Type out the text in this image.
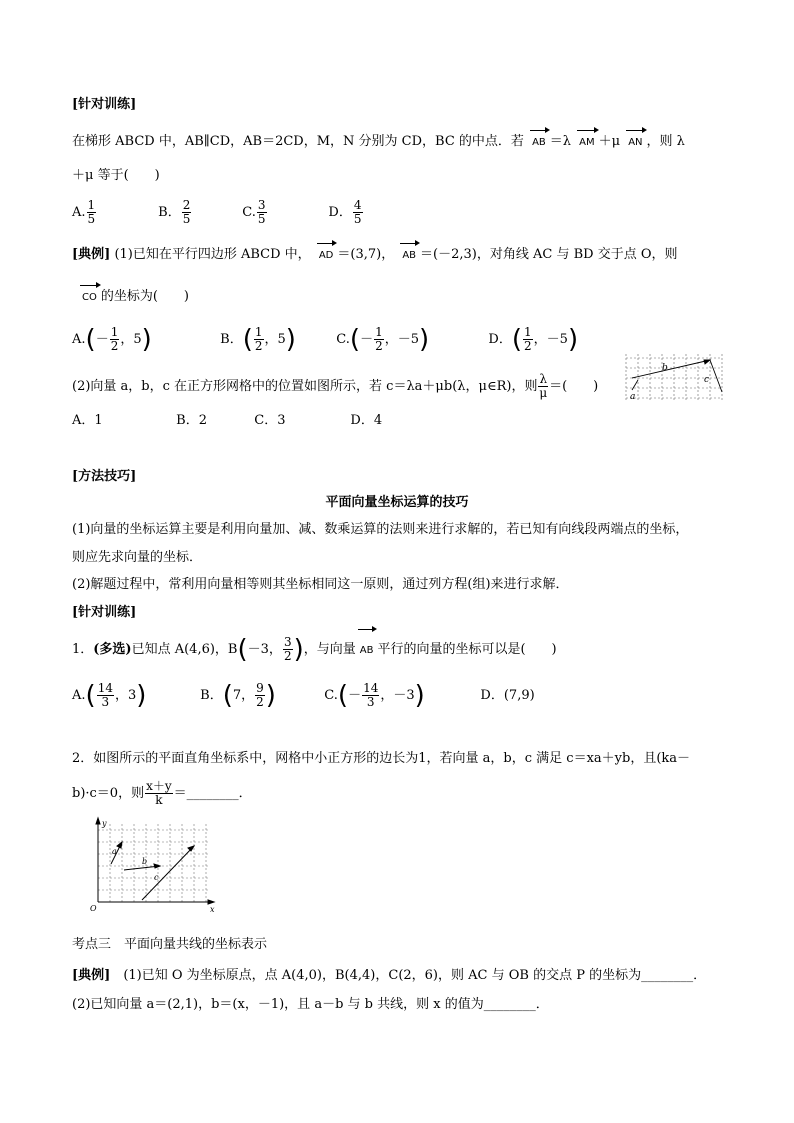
[针对训练]
在梯形 ABCD 中，AB∥CD，AB＝2CD，M，N 分别为 CD，BC 的中点．若 AB ＝λ AM ＋μ AN ，则 λ
＋μ 等于(　　)
A. $\frac{1}{5}$	B． $\frac{2}{5}$	C. $\frac{3}{5}$	D． $\frac{4}{5}$
[典例] (1)已知在平行四边形 ABCD 中， AD ＝(3,7)， AB ＝(－2,3)，对角线 AC 与 BD 交于点 O，则
CO 的坐标为(　　)
$A.(- \frac{1}{2}$ ，5)	B．( $\frac{1}{2}$ ，5)	$C.(- \frac{1}{2}$ ，－5)	D．( $\frac{1}{2}$ ，－5)
(2)向量 a，b，c 在正方形网格中的位置如图所示，若 c＝λa＋μb(λ，μ∈R)，则 $\frac{\lambda}{\mu}$ ＝(　　)
A．1	B．2	C．3	D．4
b
c
a
[方法技巧]
平面向量坐标运算的技巧
(1)向量的坐标运算主要是利用向量加、减、数乘运算的法则来进行求解的，若已知有向线段两端点的坐标，
则应先求向量的坐标．
(2)解题过程中，常利用向量相等则其坐标相同这一原则，通过列方程(组)来进行求解．
[针对训练]
1．(多选)已知点 A(4,6)，B(－3， $\frac{3}{2}$ )，与向量 AB 平行的向量的坐标可以是(　　)
$A.( \frac{14}{3}$ ，3)	B．(7， $\frac{9}{2}$ )	$C.(- \frac{14}{3}$ ，－3)	D．(7,9)
2．如图所示的平面直角坐标系中，网格中小正方形的边长为1，若向量 a，b，c 满足 c＝xa＋yb，且(ka－
b)·c＝0，则 $\frac{x+y}{k}$ ＝________．
y
a
b
c
O	x
考点三　平面向量共线的坐标表示
[典例]　 (1)已知 O 为坐标原点，点 A(4,0)，B(4,4)，C(2，6)，则 AC 与 OB 的交点 P 的坐标为________．
(2)已知向量 a＝(2,1)，b＝(x，－1)，且 a－b 与 b 共线，则 x 的值为________．
